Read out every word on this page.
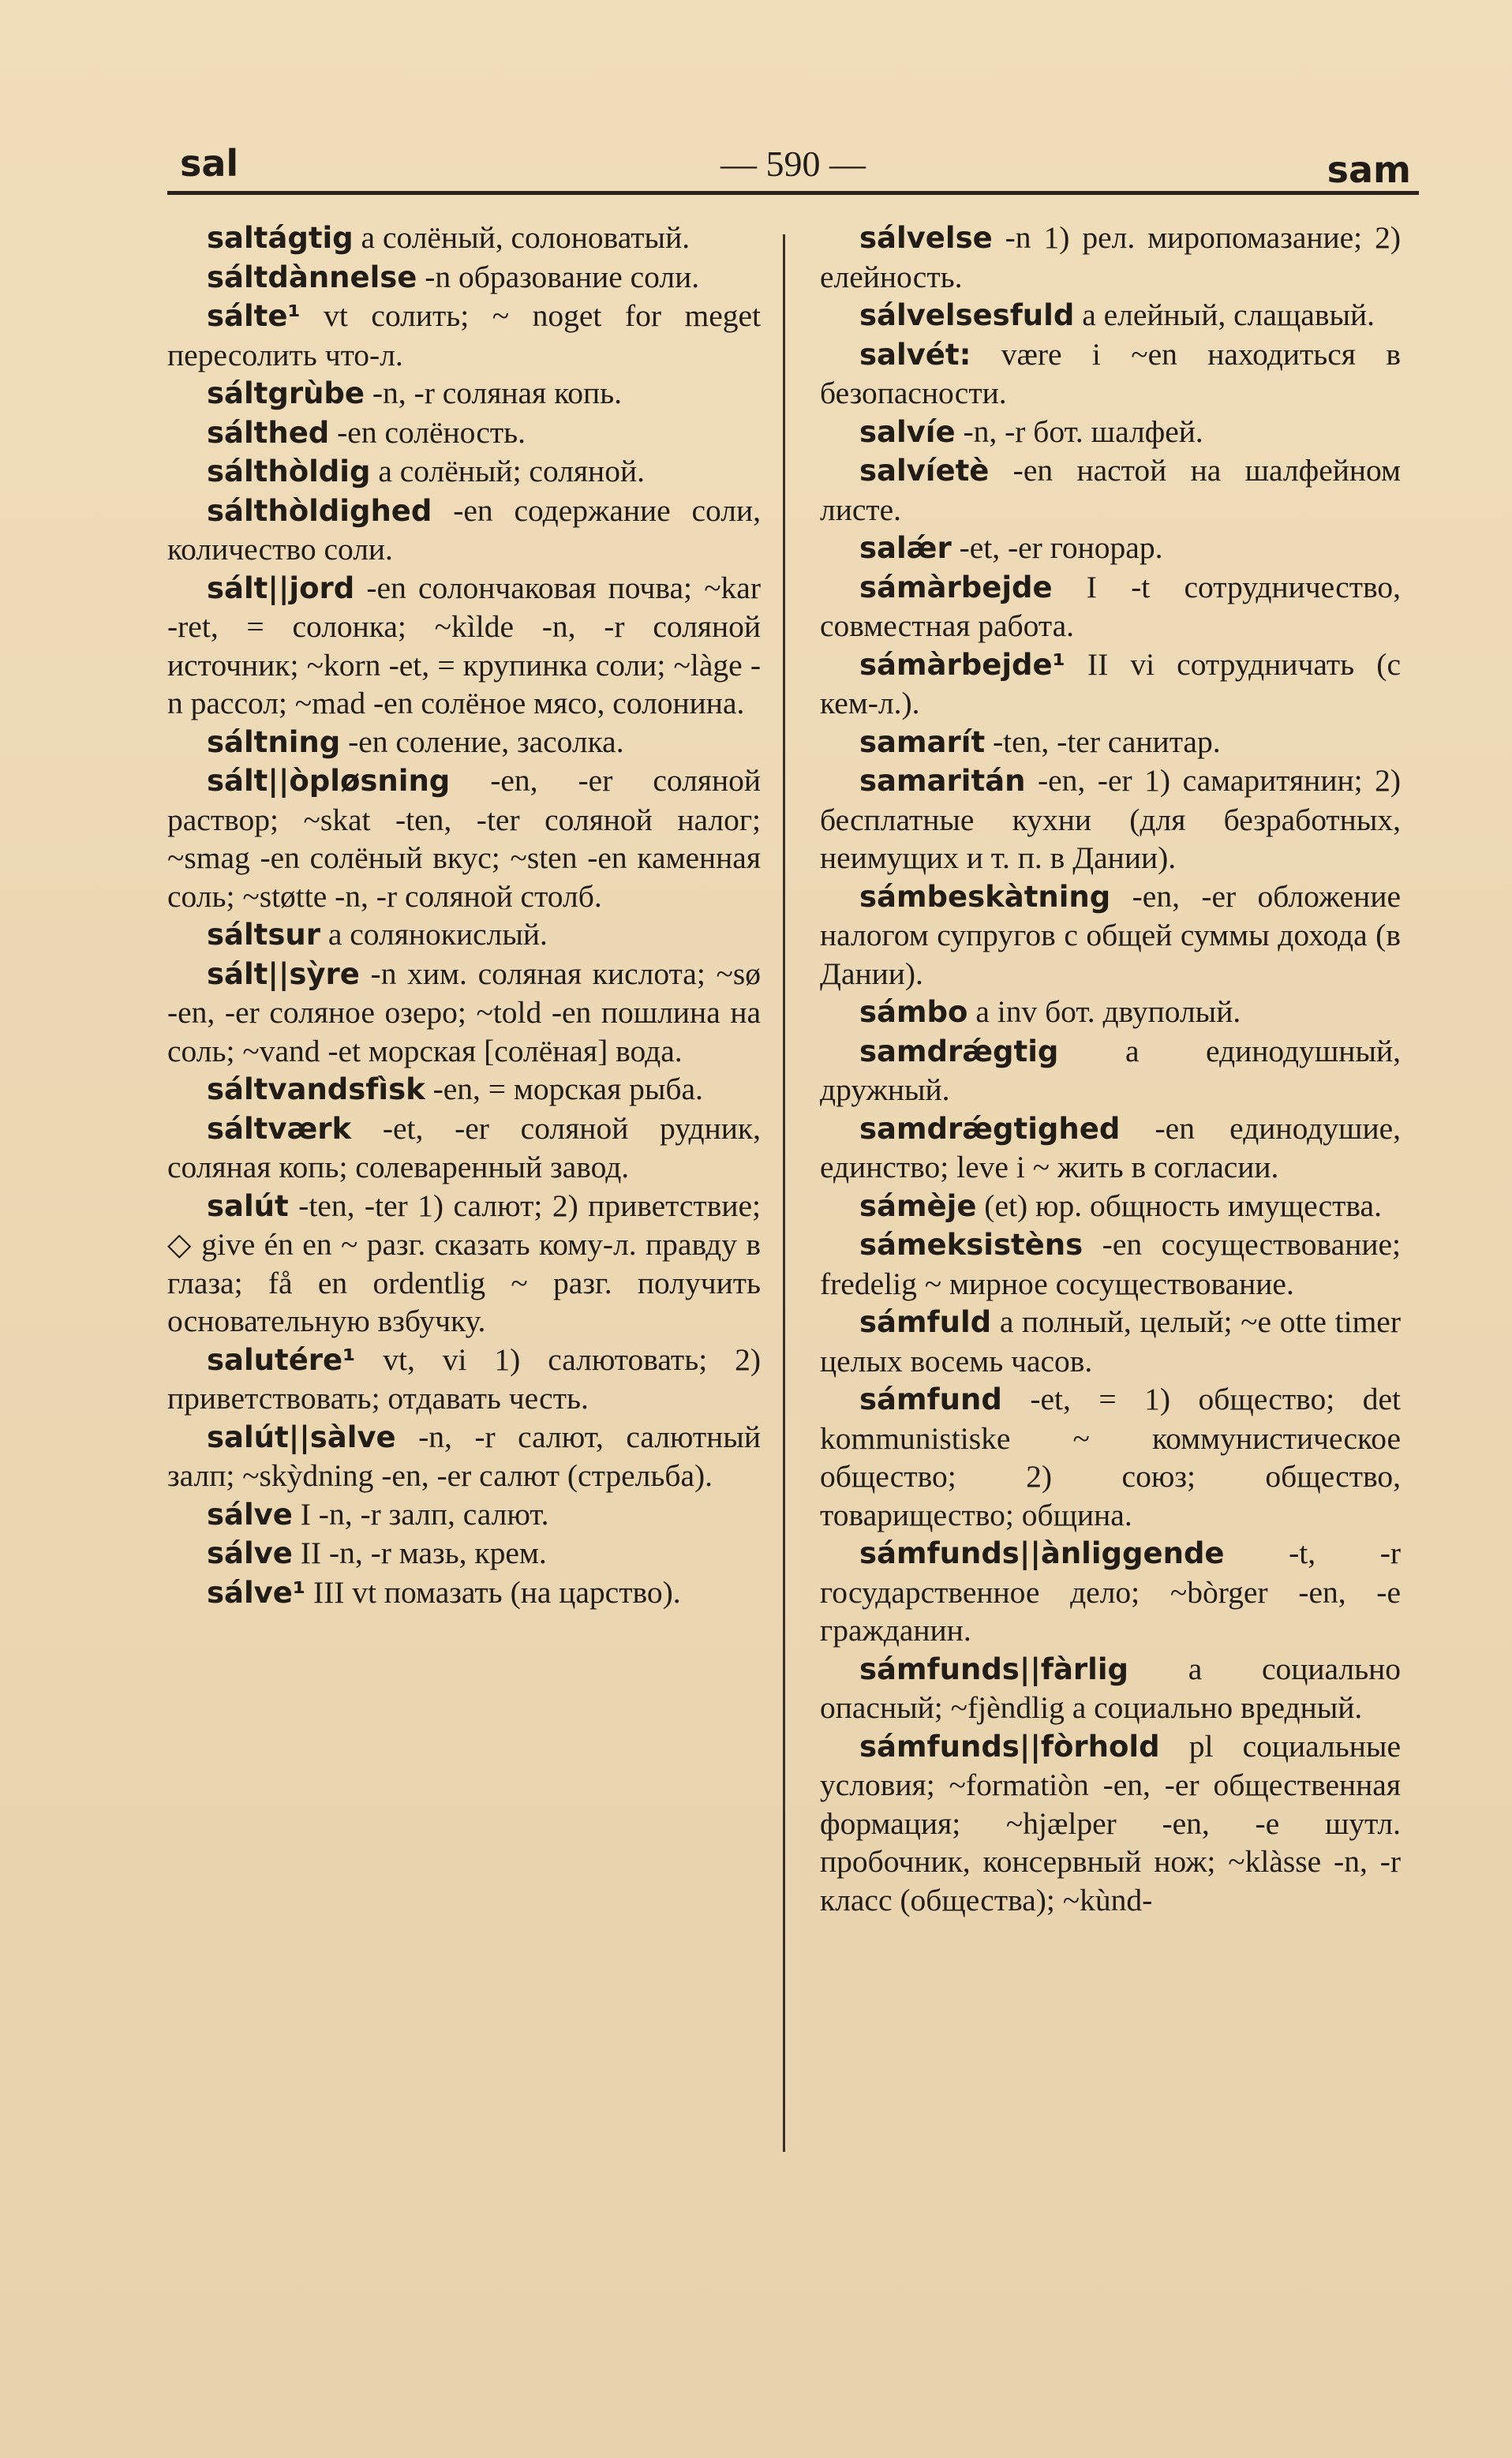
sal	— 590 —	sam

saltágtig a солёный, солоноватый.

sáltdànnelse -n образование соли.

sálte¹ vt солить; ~ noget for meget пересолить что-л.

sáltgrùbe -n, -r соляная копь.

sálthed -en солёность.

sálthòldig a солёный; соляной.

sálthòldighed -en содержание соли, количество соли.

sált||jord -en солончаковая почва; ~kar -ret, = солонка; ~kìlde -n, -r соляной источник; ~korn -et, = крупинка соли; ~làge -n рассол; ~mad -en солёное мясо, солонина.

sáltning -en соление, засолка.

sált||òpløsning -en, -er соляной раствор; ~skat -ten, -ter соляной налог; ~smag -en солёный вкус; ~sten -en каменная соль; ~støtte -n, -r соляной столб.

sáltsur a солянокислый.

sált||sỳre -n хим. соляная кислота; ~sø -en, -er соляное озеро; ~told -en пошлина на соль; ~vand -et морская [солёная] вода.

sáltvandsfìsk -en, = морская рыба.

sáltværk -et, -er соляной рудник, соляная копь; солеваренный завод.

salút -ten, -ter 1) салют; 2) приветствие; ◇ give én en ~ разг. сказать кому-л. правду в глаза; få en ordentlig ~ разг. получить основательную взбучку.

salutére¹ vt, vi 1) салютовать; 2) приветствовать; отдавать честь.

salút||sàlve -n, -r салют, салютный залп; ~skỳdning -en, -er салют (стрельба).

sálve I -n, -r залп, салют.

sálve II -n, -r мазь, крем.

sálve¹ III vt помазать (на царство).

sálvelse -n 1) рел. миропомазание; 2) елейность.

sálvelsesfuld a елейный, слащавый.

salvét: være i ~en находиться в безопасности.

salvíe -n, -r бот. шалфей.

salvíetè -en настой на шалфейном листе.

salǽr -et, -er гонорар.

sámàrbejde I -t сотрудничество, совместная работа.

sámàrbejde¹ II vi сотрудничать (с кем-л.).

samarít -ten, -ter санитар.

samaritán -en, -er 1) самаритянин; 2) бесплатные кухни (для безработных, неимущих и т. п. в Дании).

sámbeskàtning -en, -er обложение налогом супругов с общей суммы дохода (в Дании).

sámbo a inv бот. двуполый.

samdrǽgtig a единодушный, дружный.

samdrǽgtighed -en единодушие, единство; leve i ~ жить в согласии.

sámèje (et) юр. общность имущества.

sámeksistèns -en сосуществование; fredelig ~ мирное сосуществование.

sámfuld a полный, целый; ~e otte timer целых восемь часов.

sámfund -et, = 1) общество; det kommunistiske ~ коммунистическое общество; 2) союз; общество, товарищество; община.

sámfunds||ànliggende -t, -r государственное дело; ~bòrger -en, -e гражданин.

sámfunds||fàrlig a социально опасный; ~fjèndlig a социально вредный.

sámfunds||fòrhold pl социальные условия; ~formatiòn -en, -er общественная формация; ~hjælper -en, -e шутл. пробочник, консервный нож; ~klàsse -n, -r класс (общества); ~kùnd-
